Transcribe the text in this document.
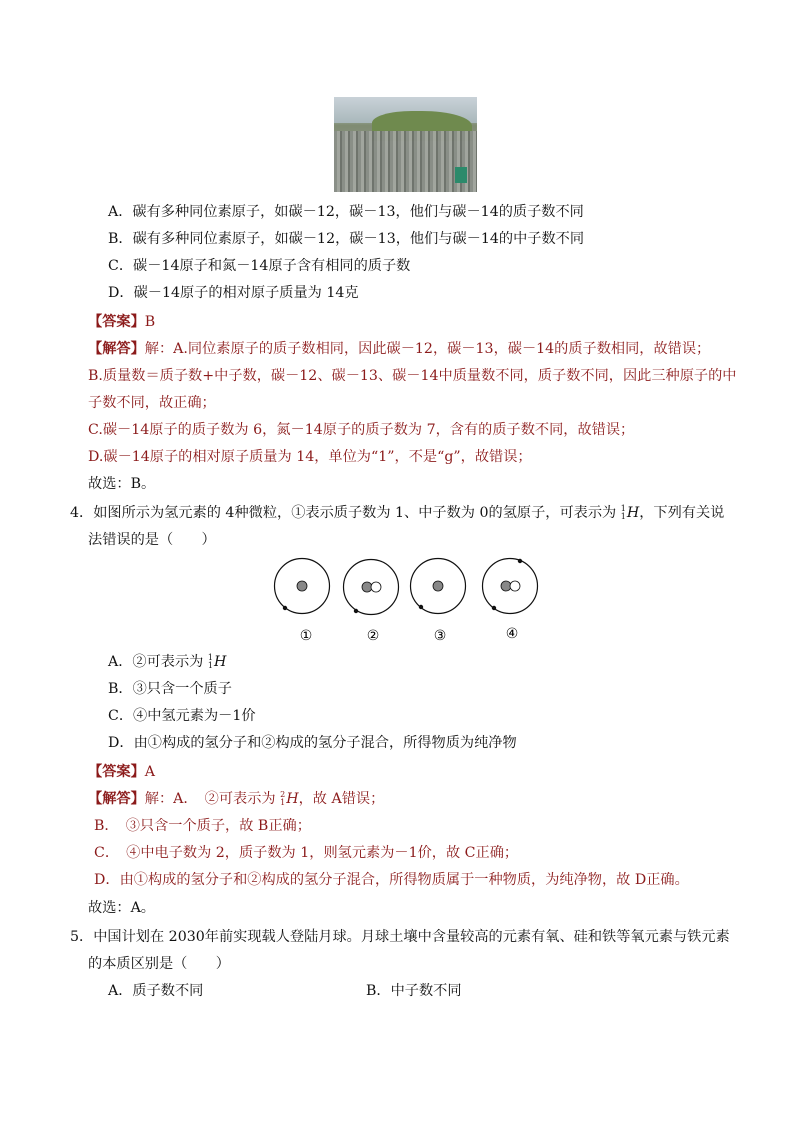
A．碳有多种同位素原子，如碳－12，碳－13，他们与碳－14的质子数不同
B．碳有多种同位素原子，如碳－12，碳－13，他们与碳－14的中子数不同
C．碳－14原子和氮－14原子含有相同的质子数
D．碳－14原子的相对原子质量为 14克
【答案】B
【解答】解：A.同位素原子的质子数相同，因此碳－12，碳－13，碳－14的质子数相同，故错误；
B.质量数＝质子数+中子数，碳－12、碳－13、碳－14中质量数不同，质子数不同，因此三种原子的中
子数不同，故正确；
C.碳－14原子的质子数为 6，氮－14原子的质子数为 7，含有的质子数不同，故错误；
D.碳－14原子的相对原子质量为 14，单位为“1”，不是“g”，故错误；
故选：B。
4．如图所示为氢元素的 4种微粒，①表示质子数为 1、中子数为 0的氢原子，可表示为 1
1H，下列有关说
法错误的是（　　）
①	②	③	④
A．②可表示为 1
1H
B．③只含一个质子
C．④中氢元素为－1价
D．由①构成的氢分子和②构成的氢分子混合，所得物质为纯净物
【答案】A
【解答】解：A．　②可表示为 2
1H，故 A错误；
B．　③只含一个质子，故 B正确；
C．　④中电子数为 2，质子数为 1，则氢元素为－1价，故 C正确；
D．由①构成的氢分子和②构成的氢分子混合，所得物质属于一种物质，为纯净物，故 D正确。
故选：A。
5．中国计划在 2030年前实现载人登陆月球。月球土壤中含量较高的元素有氧、硅和铁等氧元素与铁元素
的本质区别是（　　）
A．质子数不同	B．中子数不同
